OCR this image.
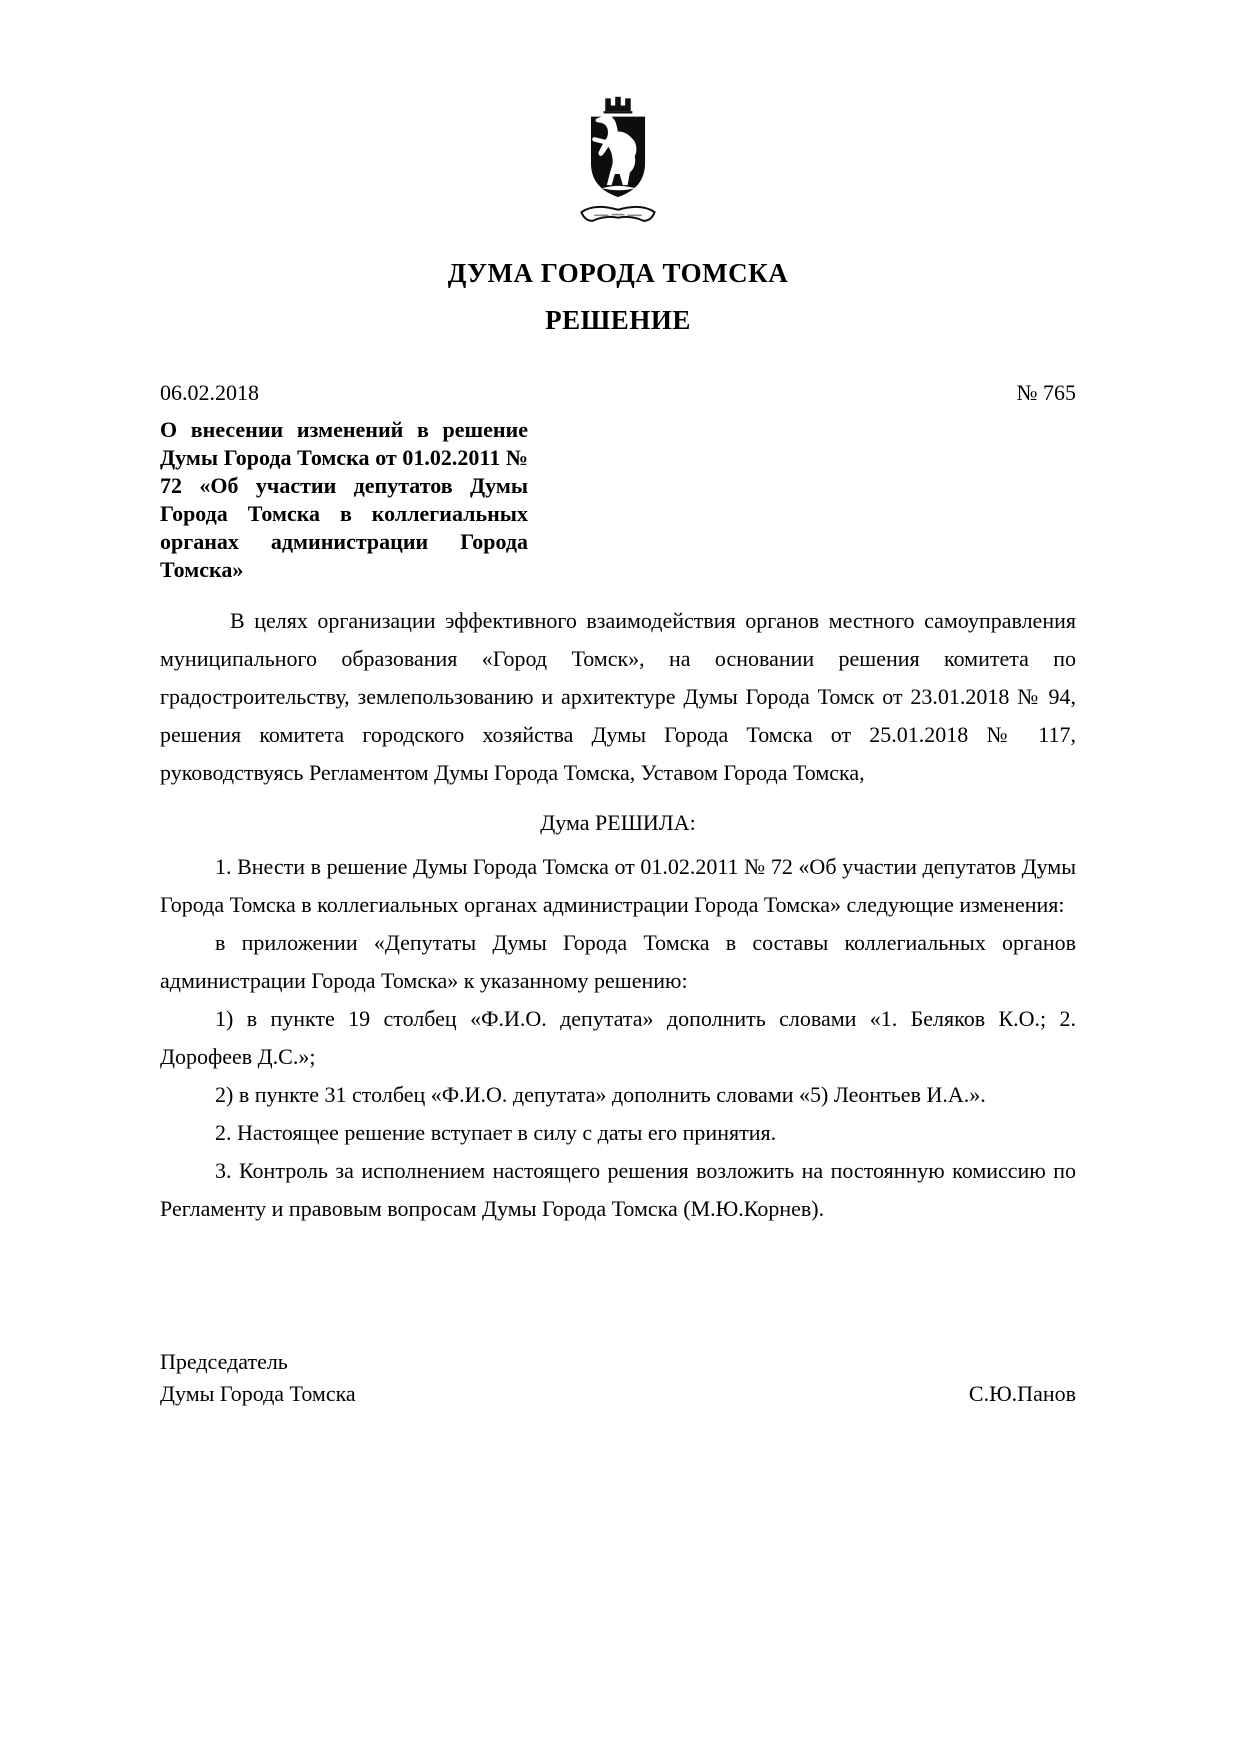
ДУМА ГОРОДА ТОМСКА
РЕШЕНИЕ
06.02.2018	№ 765
О внесении изменений в решение Думы Города Томска от 01.02.2011 № 72 «Об участии депутатов Думы Города Томска в коллегиальных органах администрации Города Томска»

В целях организации эффективного взаимодействия органов местного самоуправления муниципального образования «Город Томск», на основании решения комитета по градостроительству, землепользованию и архитектуре Думы Города Томск от 23.01.2018 № 94, решения комитета городского хозяйства Думы Города Томска от 25.01.2018 № 117, руководствуясь Регламентом Думы Города Томска, Уставом Города Томска,

Дума РЕШИЛА:

1. Внести в решение Думы Города Томска от 01.02.2011 № 72 «Об участии депутатов Думы Города Томска в коллегиальных органах администрации Города Томска» следующие изменения:

в приложении «Депутаты Думы Города Томска в составы коллегиальных органов администрации Города Томска» к указанному решению:

1) в пункте 19 столбец «Ф.И.О. депутата» дополнить словами «1. Беляков К.О.; 2. Дорофеев Д.С.»;

2) в пункте 31 столбец «Ф.И.О. депутата» дополнить словами «5) Леонтьев И.А.».

2. Настоящее решение вступает в силу с даты его принятия.

3. Контроль за исполнением настоящего решения возложить на постоянную комиссию по Регламенту и правовым вопросам Думы Города Томска (М.Ю.Корнев).

Председатель
Думы Города Томска	С.Ю.Панов
